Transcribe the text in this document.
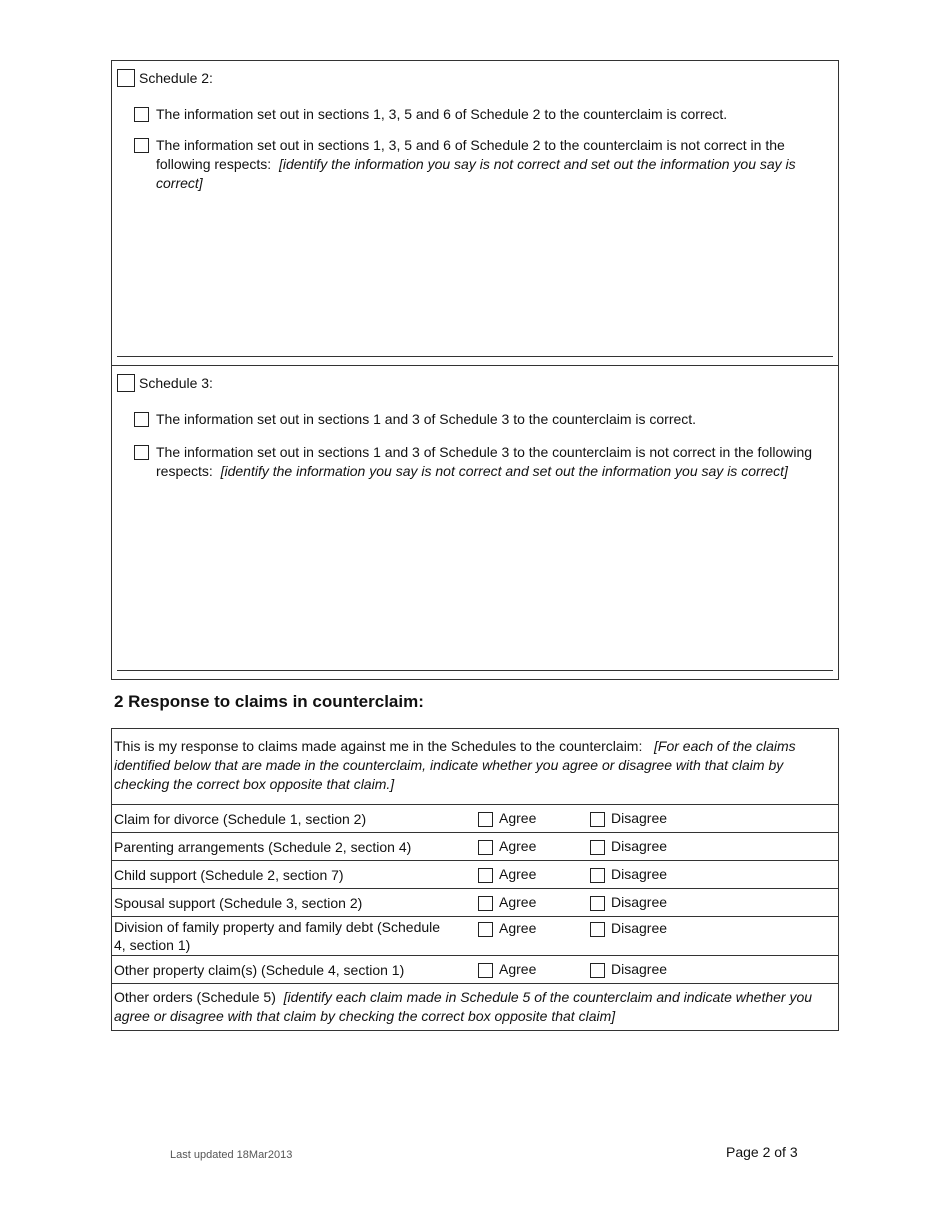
Schedule 2:
The information set out in sections 1, 3, 5 and 6 of Schedule 2 to the counterclaim is correct.
The information set out in sections 1, 3, 5 and 6 of Schedule 2 to the counterclaim is not correct in the following respects: [identify the information you say is not correct and set out the information you say is correct]
Schedule 3:
The information set out in sections 1 and 3 of Schedule 3 to the counterclaim is correct.
The information set out in sections 1 and 3 of Schedule 3 to the counterclaim is not correct in the following respects: [identify the information you say is not correct and set out the information you say is correct]
2 Response to claims in counterclaim:
This is my response to claims made against me in the Schedules to the counterclaim: [For each of the claims identified below that are made in the counterclaim, indicate whether you agree or disagree with that claim by checking the correct box opposite that claim.]		
Claim for divorce (Schedule 1, section 2)	Agree	Disagree
Parenting arrangements (Schedule 2, section 4)	Agree	Disagree
Child support (Schedule 2, section 7)	Agree	Disagree
Spousal support (Schedule 3, section 2)	Agree	Disagree
Division of family property and family debt (Schedule 4, section 1)	Agree	Disagree
Other property claim(s) (Schedule 4, section 1)	Agree	Disagree
Other orders (Schedule 5) [identify each claim made in Schedule 5 of the counterclaim and indicate whether you agree or disagree with that claim by checking the correct box opposite that claim]		
Last updated 18Mar2013	Page 2 of 3
